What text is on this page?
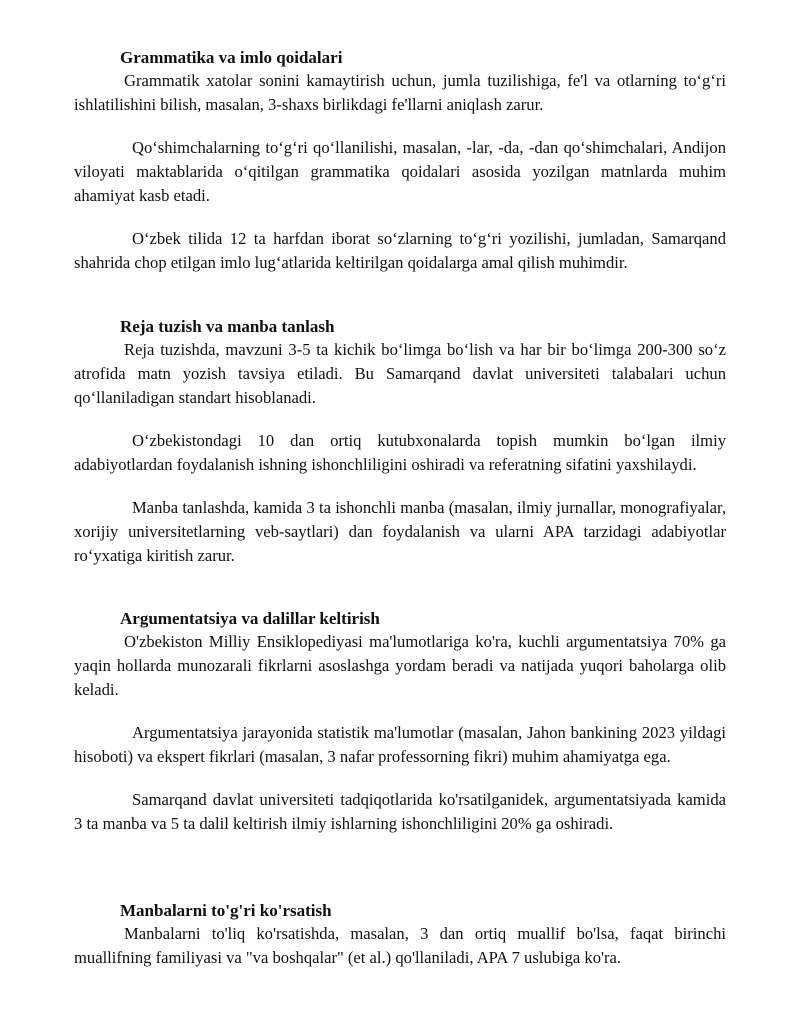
Grammatika va imlo qoidalari

Grammatik xatolar sonini kamaytirish uchun, jumla tuzilishiga, fe'l va otlarning to‘g‘ri ishlatilishini bilish, masalan, 3-shaxs birlikdagi fe'llarni aniqlash zarur.

Qo‘shimchalarning to‘g‘ri qo‘llanilishi, masalan, -lar, -da, -dan qo‘shimchalari, Andijon viloyati maktablarida o‘qitilgan grammatika qoidalari asosida yozilgan matnlarda muhim ahamiyat kasb etadi.

O‘zbek tilida 12 ta harfdan iborat so‘zlarning to‘g‘ri yozilishi, jumladan, Samarqand shahrida chop etilgan imlo lug‘atlarida keltirilgan qoidalarga amal qilish muhimdir.

Reja tuzish va manba tanlash

Reja tuzishda, mavzuni 3-5 ta kichik bo‘limga bo‘lish va har bir bo‘limga 200-300 so‘z atrofida matn yozish tavsiya etiladi. Bu Samarqand davlat universiteti talabalari uchun qo‘llaniladigan standart hisoblanadi.

O‘zbekistondagi 10 dan ortiq kutubxonalarda topish mumkin bo‘lgan ilmiy adabiyotlardan foydalanish ishning ishonchliligini oshiradi va referatning sifatini yaxshilaydi.

Manba tanlashda, kamida 3 ta ishonchli manba (masalan, ilmiy jurnallar, monografiyalar, xorijiy universitetlarning veb-saytlari) dan foydalanish va ularni APA tarzidagi adabiyotlar ro‘yxatiga kiritish zarur.

Argumentatsiya va dalillar keltirish

O'zbekiston Milliy Ensiklopediyasi ma'lumotlariga ko'ra, kuchli argumentatsiya 70% ga yaqin hollarda munozarali fikrlarni asoslashga yordam beradi va natijada yuqori baholarga olib keladi.

Argumentatsiya jarayonida statistik ma'lumotlar (masalan, Jahon bankining 2023 yildagi hisoboti) va ekspert fikrlari (masalan, 3 nafar professorning fikri) muhim ahamiyatga ega.

Samarqand davlat universiteti tadqiqotlarida ko'rsatilganidek, argumentatsiyada kamida 3 ta manba va 5 ta dalil keltirish ilmiy ishlarning ishonchliligini 20% ga oshiradi.

Manbalarni to'g'ri ko'rsatish

Manbalarni to'liq ko'rsatishda, masalan, 3 dan ortiq muallif bo'lsa, faqat birinchi muallifning familiyasi va "va boshqalar" (et al.) qo'llaniladi, APA 7 uslubiga ko'ra.
